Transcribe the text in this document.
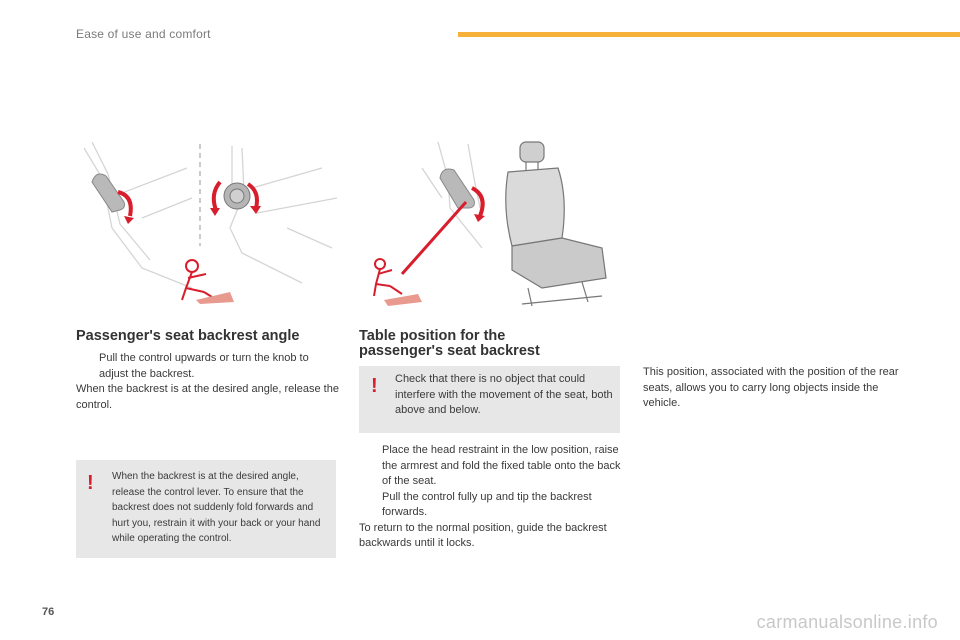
Ease of use and comfort
Passenger's seat backrest angle
Pull the control upwards or turn the knob to adjust the backrest.
When the backrest is at the desired angle, release the control.
! When the backrest is at the desired angle, release the control lever. To ensure that the backrest does not suddenly fold forwards and hurt you, restrain it with your back or your hand while operating the control.
Table position for the
passenger's seat backrest
! Check that there is no object that could interfere with the movement of the seat, both above and below.
Place the head restraint in the low position, raise the armrest and fold the fixed table onto the back of the seat.
Pull the control fully up and tip the backrest forwards.
To return to the normal position, guide the backrest backwards until it locks.
This position, associated with the position of the rear seats, allows you to carry long objects inside the vehicle.
76	carmanualsonline.info
